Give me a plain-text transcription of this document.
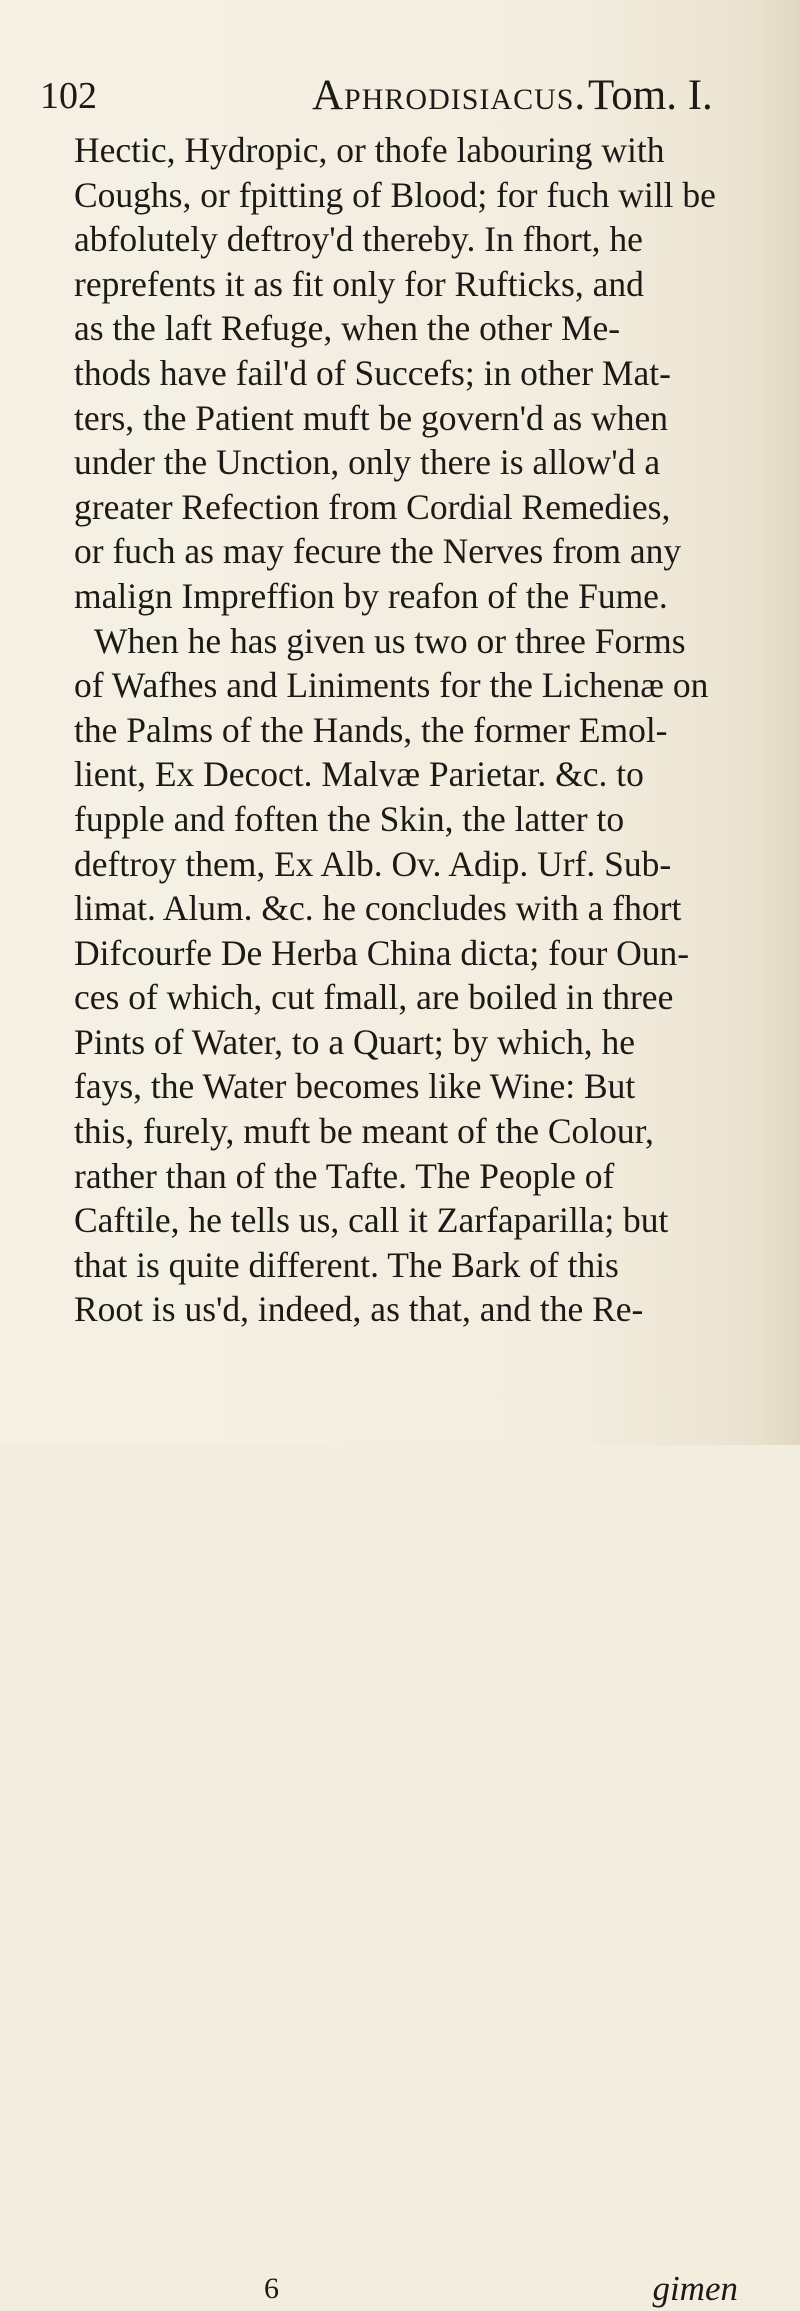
102	Aphrodisiacus. Tom. I.
Hectic, Hydropic, or thofe labouring with
Coughs, or fpitting of Blood; for fuch will be
abfolutely deftroy'd thereby. In fhort, he
reprefents it as fit only for Rufticks, and
as the laft Refuge, when the other Me-
thods have fail'd of Succefs; in other Mat-
ters, the Patient muft be govern'd as when
under the Unction, only there is allow'd a
greater Refection from Cordial Remedies,
or fuch as may fecure the Nerves from any
malign Impreffion by reafon of the Fume.
When he has given us two or three Forms
of Wafhes and Liniments for the Lichenæ on
the Palms of the Hands, the former Emol-
lient, Ex Decoct. Malvæ Parietar. &c. to
fupple and foften the Skin, the latter to
deftroy them, Ex Alb. Ov. Adip. Urf. Sub-
limat. Alum. &c. he concludes with a fhort
Difcourfe De Herba China dicta; four Oun-
ces of which, cut fmall, are boiled in three
Pints of Water, to a Quart; by which, he
fays, the Water becomes like Wine: But
this, furely, muft be meant of the Colour,
rather than of the Tafte. The People of
Caftile, he tells us, call it Zarfaparilla; but
that is quite different. The Bark of this
Root is us'd, indeed, as that, and the Re-
6	gimen
